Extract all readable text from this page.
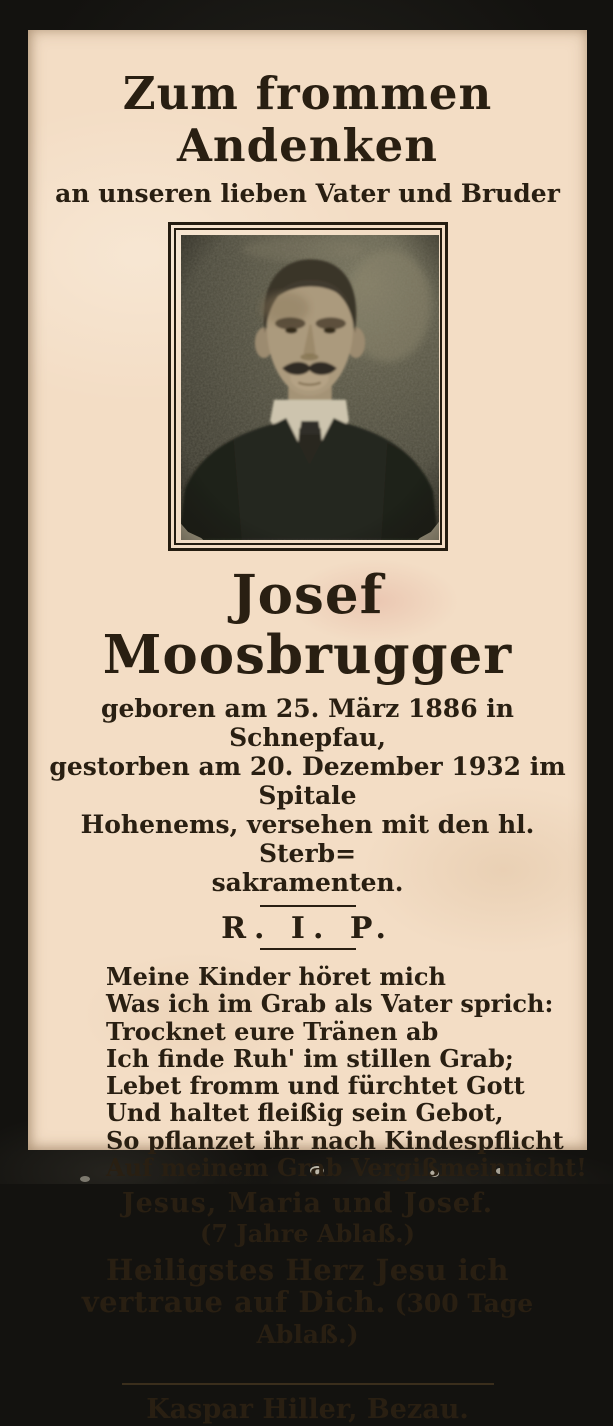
Zum frommen Andenken
an unseren lieben Vater und Bruder
Josef Moosbrugger
geboren am 25. März 1886 in Schnepfau,
gestorben am 20. Dezember 1932 im Spitale
Hohenems, versehen mit den hl. Sterb=
sakramenten.
R. I. P.
Meine Kinder höret mich
Was ich im Grab als Vater sprich:
Trocknet eure Tränen ab
Ich finde Ruh' im stillen Grab;
Lebet fromm und fürchtet Gott
Und haltet fleißig sein Gebot,
So pflanzet ihr nach Kindespflicht
Auf meinem Grab Vergißmeinnicht!
Jesus, Maria und Josef.
(7 Jahre Ablaß.)
Heiligstes Herz Jesu ich vertraue auf Dich. (300 Tage Ablaß.)
Kaspar Hiller, Bezau.
